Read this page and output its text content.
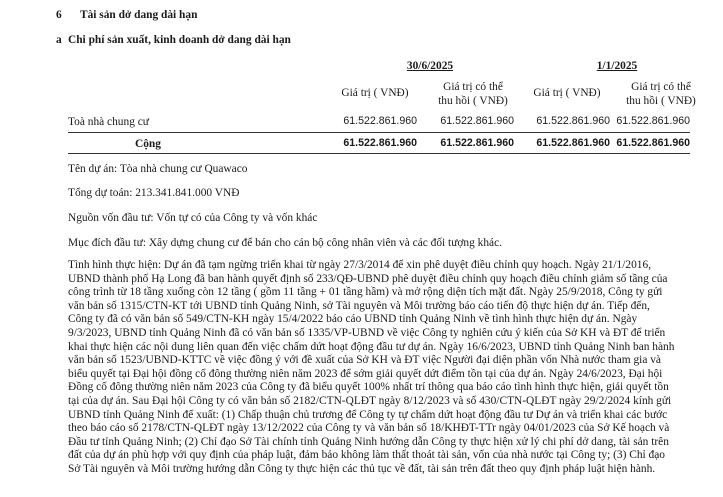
6 Tài sản dở dang dài hạn
a Chi phí sản xuất, kinh doanh dở dang dài hạn
30/6/2025	1/1/2025
Giá trị ( VNĐ)	Giá trị có thể
thu hồi ( VNĐ)
Giá trị ( VNĐ)	Giá trị có thể
thu hồi ( VNĐ)
Toà nhà chung cư	61.522.861.960	61.522.861.960	61.522.861.960 61.522.861.960
Cộng	61.522.861.960	61.522.861.960	61.522.861.960 61.522.861.960
Tên dự án: Tòa nhà chung cư Quawaco
Tổng dự toán: 213.341.841.000 VNĐ
Nguồn vốn đầu tư: Vốn tự có của Công ty và vốn khác
Mục đích đầu tư: Xây dựng chung cư để bán cho cán bộ công nhân viên và các đối tượng khác.
Tình hình thực hiện: Dự án đã tạm ngừng triển khai từ ngày 27/3/2014 để xin phê duyệt điều chỉnh quy hoạch. Ngày 21/1/2016,
UBND thành phố Hạ Long đã ban hành quyết định số 233/QĐ-UBND phê duyệt điều chỉnh quy hoạch điều chỉnh giảm số tầng của
công trình từ 18 tầng xuống còn 12 tầng ( gồm 11 tầng + 01 tầng hầm) và mở rộng diện tích mặt đất. Ngày 25/9/2018, Công ty gửi
văn bản số 1315/CTN-KT tới UBND tỉnh Quảng Ninh, sở Tài nguyên và Môi trường báo cáo tiến độ thực hiện dự án. Tiếp đến,
Công ty đã có văn bản số 549/CTN-KH ngày 15/4/2022 báo cáo UBND tỉnh Quảng Ninh về tình hình thực hiện dự án. Ngày
9/3/2023, UBND tỉnh Quảng Ninh đã có văn bản số 1335/VP-UBND về việc Công ty nghiên cứu ý kiến của Sở KH và ĐT để triển
khai thực hiện các nội dung liên quan đến việc chấm dứt hoạt động đầu tư dự án. Ngày 16/6/2023, UBND tỉnh Quảng Ninh ban hành
văn bản số 1523/UBND-KTTC về việc đồng ý với đề xuất của Sở KH và ĐT việc Người đại diện phần vốn Nhà nước tham gia và
biểu quyết tại Đại hội đồng cổ đông thường niên năm 2023 để sớm giải quyết dứt điểm tồn tại của dự án. Ngày 24/6/2023, Đại hội
Đồng cổ đông thường niên năm 2023 của Công ty đã biểu quyết 100% nhất trí thông qua báo cáo tình hình thực hiện, giải quyết tồn
tại của dự án. Sau Đại hội Công ty có văn bản số 2182/CTN-QLĐT ngày 8/12/2023 và số 430/CTN-QLĐT ngày 29/2/2024 kính gửi
UBND tỉnh Quảng Ninh để xuất: (1) Chấp thuận chủ trương để Công ty tự chấm dứt hoạt động đầu tư Dự án và triển khai các bước
theo báo cáo số 2178/CTN-QLĐT ngày 13/12/2022 của Công ty và văn bản số 18/KHĐT-TTr ngày 04/01/2023 của Sở Kế hoạch và
Đầu tư tỉnh Quảng Ninh; (2) Chỉ đạo Sở Tài chính tỉnh Quảng Ninh hướng dẫn Công ty thực hiện xử lý chi phí dở dang, tài sản trên
đất của dự án phù hợp với quy định của pháp luật, đảm bảo không làm thất thoát tài sản, vốn của nhà nước tại Công ty; (3) Chỉ đạo
Sở Tài nguyên và Môi trường hướng dẫn Công ty thực hiện các thủ tục về đất, tài sản trên đất theo quy định pháp luật hiện hành.
